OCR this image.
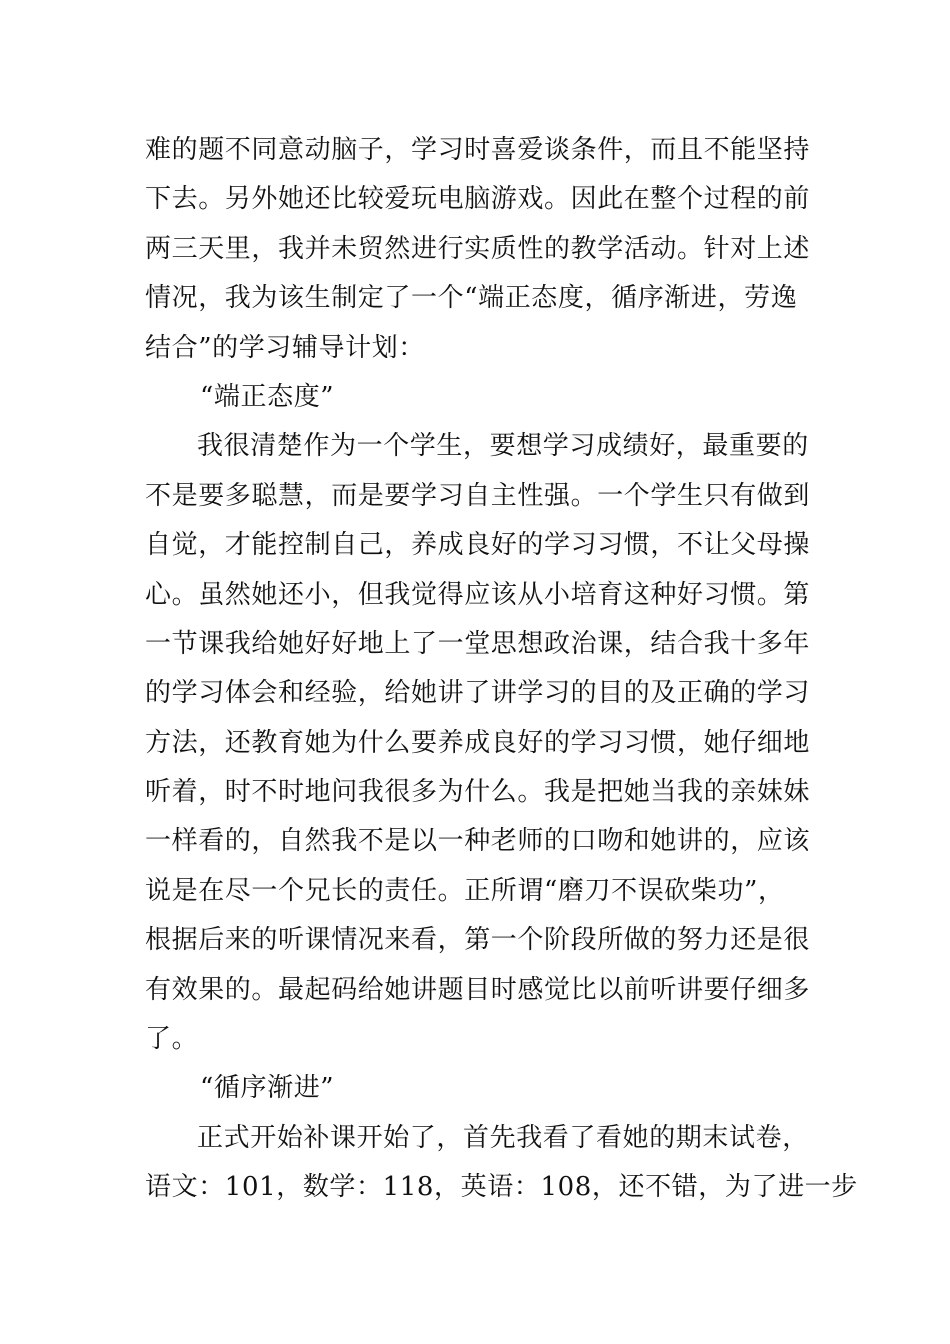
难的题不同意动脑子，学习时喜爱谈条件，而且不能坚持
下去。另外她还比较爱玩电脑游戏。因此在整个过程的前
两三天里，我并未贸然进行实质性的教学活动。针对上述
情况，我为该生制定了一个“端正态度，循序渐进，劳逸
结合”的学习辅导计划：
“端正态度”
我很清楚作为一个学生，要想学习成绩好，最重要的
不是要多聪慧，而是要学习自主性强。一个学生只有做到
自觉，才能控制自己，养成良好的学习习惯，不让父母操
心。虽然她还小，但我觉得应该从小培育这种好习惯。第
一节课我给她好好地上了一堂思想政治课，结合我十多年
的学习体会和经验，给她讲了讲学习的目的及正确的学习
方法，还教育她为什么要养成良好的学习习惯，她仔细地
听着，时不时地问我很多为什么。我是把她当我的亲妹妹
一样看的，自然我不是以一种老师的口吻和她讲的，应该
说是在尽一个兄长的责任。正所谓“磨刀不误砍柴功”，
根据后来的听课情况来看，第一个阶段所做的努力还是很
有效果的。最起码给她讲题目时感觉比以前听讲要仔细多
了。
“循序渐进”
正式开始补课开始了，首先我看了看她的期末试卷，
语文：101，数学：118，英语：108，还不错，为了进一步
